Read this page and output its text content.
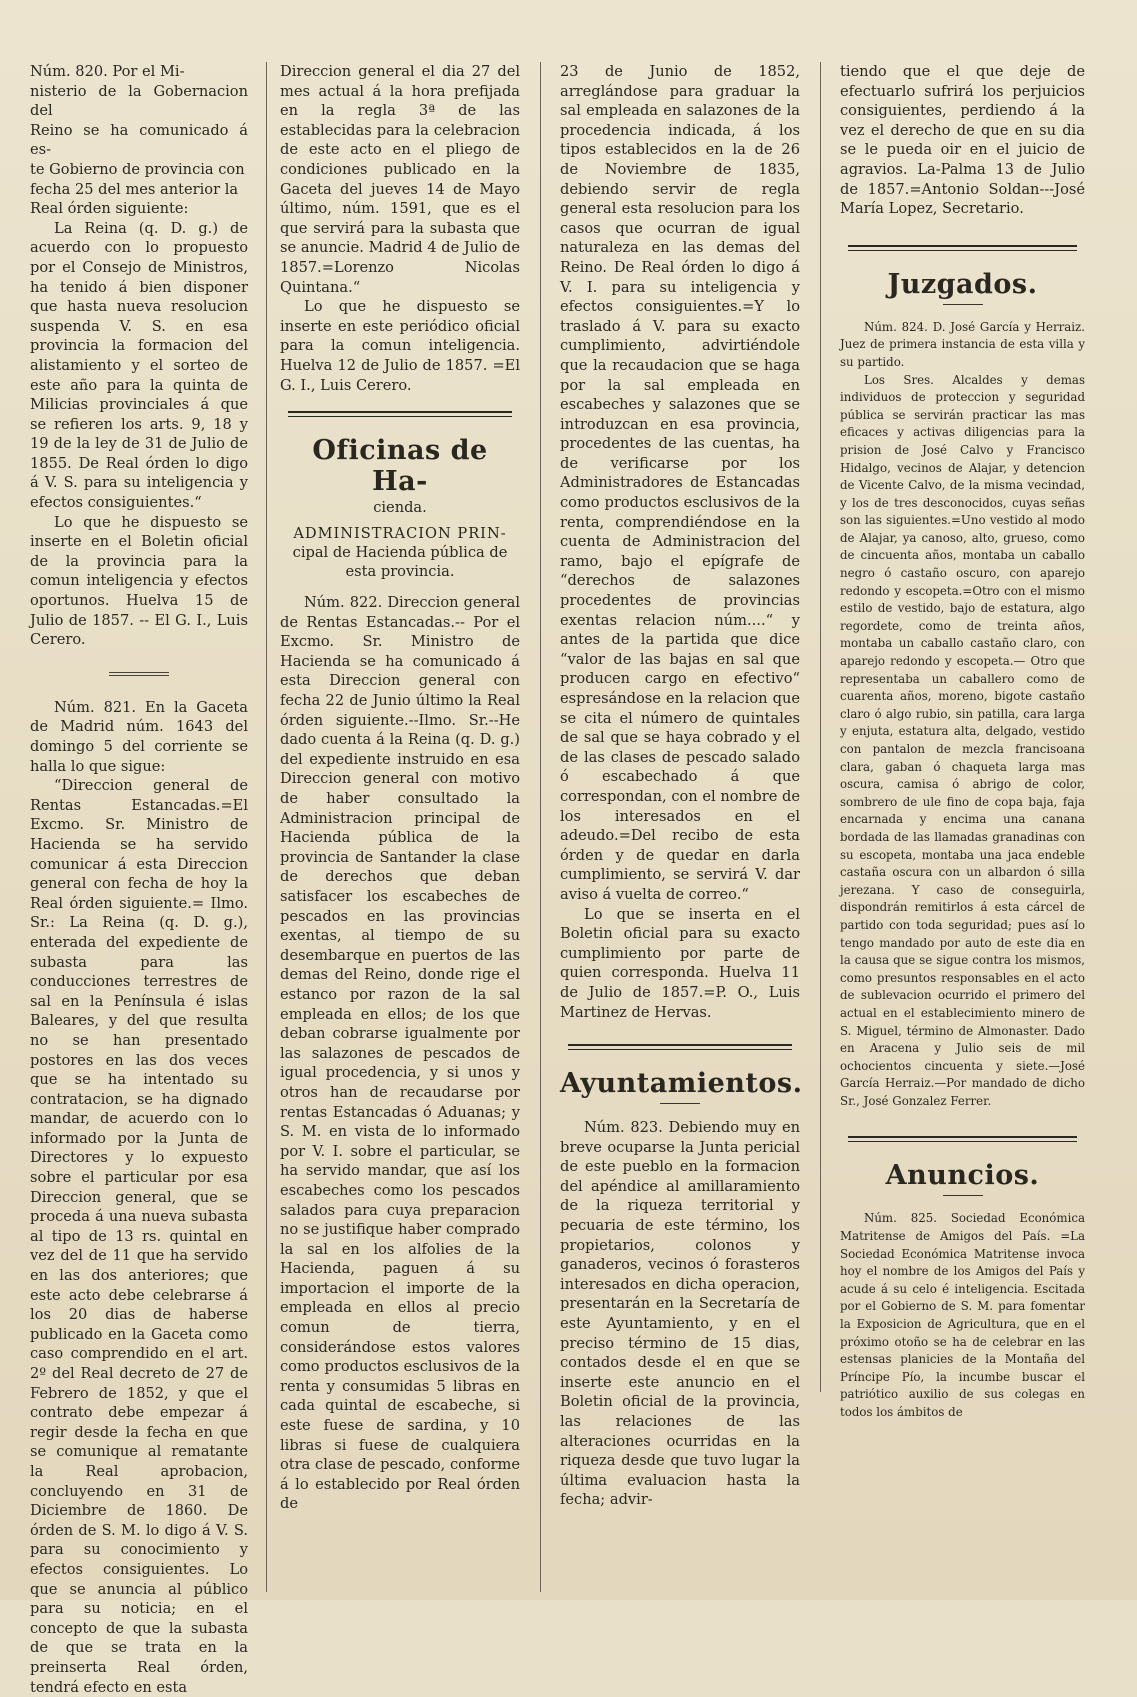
Núm. 820. Por el Mi-

nisterio de la Gobernacion del

Reino se ha comunicado á es-

te Gobierno de provincia con

fecha 25 del mes anterior la

Real órden siguiente:

La Reina (q. D. g.) de acuerdo con lo propuesto por el Consejo de Ministros, ha tenido á bien disponer que hasta nueva resolucion suspenda V. S. en esa provincia la formacion del alistamiento y el sorteo de este año para la quinta de Milicias provinciales á que se refieren los arts. 9, 18 y 19 de la ley de 31 de Julio de 1855. De Real órden lo digo á V. S. para su inteligencia y efectos consiguientes.“

Lo que he dispuesto se inserte en el Boletin oficial de la provincia para la comun inteligencia y efectos oportunos. Huelva 15 de Julio de 1857. -- El G. I., Luis Cerero.

Núm. 821. En la Gaceta de Madrid núm. 1643 del domingo 5 del corriente se halla lo que sigue:

“Direccion general de Rentas Estancadas.=El Excmo. Sr. Ministro de Hacienda se ha servido comunicar á esta Direccion general con fecha de hoy la Real órden siguiente.= Ilmo. Sr.: La Reina (q. D. g.), enterada del expediente de subasta para las conducciones terrestres de sal en la Península é islas Baleares, y del que resulta no se han presentado postores en las dos veces que se ha intentado su contratacion, se ha dignado mandar, de acuerdo con lo informado por la Junta de Directores y lo expuesto sobre el particular por esa Direccion general, que se proceda á una nueva subasta al tipo de 13 rs. quintal en vez del de 11 que ha servido en las dos anteriores; que este acto debe celebrarse á los 20 dias de haberse publicado en la Gaceta como caso comprendido en el art. 2º del Real decreto de 27 de Febrero de 1852, y que el contrato debe empezar á regir desde la fecha en que se comunique al rematante la Real aprobacion, concluyendo en 31 de Diciembre de 1860. De órden de S. M. lo digo á V. S. para su conocimiento y efectos consiguientes. Lo que se anuncia al público para su noticia; en el concepto de que la subasta de que se trata en la preinserta Real órden, tendrá efecto en esta

Direccion general el dia 27 del mes actual á la hora prefijada en la regla 3ª de las establecidas para la celebracion de este acto en el pliego de condiciones publicado en la Gaceta del jueves 14 de Mayo último, núm. 1591, que es el que servirá para la subasta que se anuncie. Madrid 4 de Julio de 1857.=Lorenzo Nicolas Quintana.“

Lo que he dispuesto se inserte en este periódico oficial para la comun inteligencia. Huelva 12 de Julio de 1857. =El G. I., Luis Cerero.

Oficinas de Ha-
cienda.
ADMINISTRACION PRIN-
cipal de Hacienda pública de esta provincia.

Núm. 822. Direccion general de Rentas Estancadas.-- Por el Excmo. Sr. Ministro de Hacienda se ha comunicado á esta Direccion general con fecha 22 de Junio último la Real órden siguiente.--Ilmo. Sr.--He dado cuenta á la Reina (q. D. g.) del expediente instruido en esa Direccion general con motivo de haber consultado la Administracion principal de Hacienda pública de la provincia de Santander la clase de derechos que deban satisfacer los escabeches de pescados en las provincias exentas, al tiempo de su desembarque en puertos de las demas del Reino, donde rige el estanco por razon de la sal empleada en ellos; de los que deban cobrarse igualmente por las salazones de pescados de igual procedencia, y si unos y otros han de recaudarse por rentas Estancadas ó Aduanas; y S. M. en vista de lo informado por V. I. sobre el particular, se ha servido mandar, que así los escabeches como los pescados salados para cuya preparacion no se justifique haber comprado la sal en los alfolies de la Hacienda, paguen á su importacion el importe de la empleada en ellos al precio comun de tierra, considerándose estos valores como productos esclusivos de la renta y consumidas 5 libras en cada quintal de escabeche, si este fuese de sardina, y 10 libras si fuese de cualquiera otra clase de pescado, conforme á lo establecido por Real órden de

23 de Junio de 1852, arreglándose para graduar la sal empleada en salazones de la procedencia indicada, á los tipos establecidos en la de 26 de Noviembre de 1835, debiendo servir de regla general esta resolucion para los casos que ocurran de igual naturaleza en las demas del Reino. De Real órden lo digo á V. I. para su inteligencia y efectos consiguientes.=Y lo traslado á V. para su exacto cumplimiento, advirtiéndole que la recaudacion que se haga por la sal empleada en escabeches y salazones que se introduzcan en esa provincia, procedentes de las cuentas, ha de verificarse por los Administradores de Estancadas como productos esclusivos de la renta, comprendiéndose en la cuenta de Administracion del ramo, bajo el epígrafe de “derechos de salazones procedentes de provincias exentas relacion núm....“ y antes de la partida que dice “valor de las bajas en sal que producen cargo en efectivo“ espresándose en la relacion que se cita el número de quintales de sal que se haya cobrado y el de las clases de pescado salado ó escabechado á que correspondan, con el nombre de los interesados en el adeudo.=Del recibo de esta órden y de quedar en darla cumplimiento, se servirá V. dar aviso á vuelta de correo.“

Lo que se inserta en el Boletin oficial para su exacto cumplimiento por parte de quien corresponda. Huelva 11 de Julio de 1857.=P. O., Luis Martinez de Hervas.

Ayuntamientos.

Núm. 823. Debiendo muy en breve ocuparse la Junta pericial de este pueblo en la formacion del apéndice al amillaramiento de la riqueza territorial y pecuaria de este término, los propietarios, colonos y ganaderos, vecinos ó forasteros interesados en dicha operacion, presentarán en la Secretaría de este Ayuntamiento, y en el preciso término de 15 dias, contados desde el en que se inserte este anuncio en el Boletin oficial de la provincia, las relaciones de las alteraciones ocurridas en la riqueza desde que tuvo lugar la última evaluacion hasta la fecha; advir-

tiendo que el que deje de efectuarlo sufrirá los perjuicios consiguientes, perdiendo á la vez el derecho de que en su dia se le pueda oir en el juicio de agravios. La-Palma 13 de Julio de 1857.=Antonio Soldan---José María Lopez, Secretario.

Juzgados.

Núm. 824. D. José García y Herraiz. Juez de primera instancia de esta villa y su partido.

Los Sres. Alcaldes y demas individuos de proteccion y seguridad pública se servirán practicar las mas eficaces y activas diligencias para la prision de José Calvo y Francisco Hidalgo, vecinos de Alajar, y detencion de Vicente Calvo, de la misma vecindad, y los de tres desconocidos, cuyas señas son las siguientes.=Uno vestido al modo de Alajar, ya canoso, alto, grueso, como de cincuenta años, montaba un caballo negro ó castaño oscuro, con aparejo redondo y escopeta.=Otro con el mismo estilo de vestido, bajo de estatura, algo regordete, como de treinta años, montaba un caballo castaño claro, con aparejo redondo y escopeta.— Otro que representaba un caballero como de cuarenta años, moreno, bigote castaño claro ó algo rubio, sin patilla, cara larga y enjuta, estatura alta, delgado, vestido con pantalon de mezcla francisoana clara, gaban ó chaqueta larga mas oscura, camisa ó abrigo de color, sombrero de ule fino de copa baja, faja encarnada y encima una canana bordada de las llamadas granadinas con su escopeta, montaba una jaca endeble castaña oscura con un albardon ó silla jerezana. Y caso de conseguirla, dispondrán remitirlos á esta cárcel de partido con toda seguridad; pues así lo tengo mandado por auto de este dia en la causa que se sigue contra los mismos, como presuntos responsables en el acto de sublevacion ocurrido el primero del actual en el establecimiento minero de S. Miguel, término de Almonaster. Dado en Aracena y Julio seis de mil ochocientos cincuenta y siete.—José García Herraiz.—Por mandado de dicho Sr., José Gonzalez Ferrer.

Anuncios.

Núm. 825. Sociedad Económica Matritense de Amigos del País. =La Sociedad Económica Matritense invoca hoy el nombre de los Amigos del País y acude á su celo é inteligencia. Escitada por el Gobierno de S. M. para fomentar la Exposicion de Agricultura, que en el próximo otoño se ha de celebrar en las estensas planicies de la Montaña del Príncipe Pío, la incumbe buscar el patriótico auxilio de sus colegas en todos los ámbitos de
